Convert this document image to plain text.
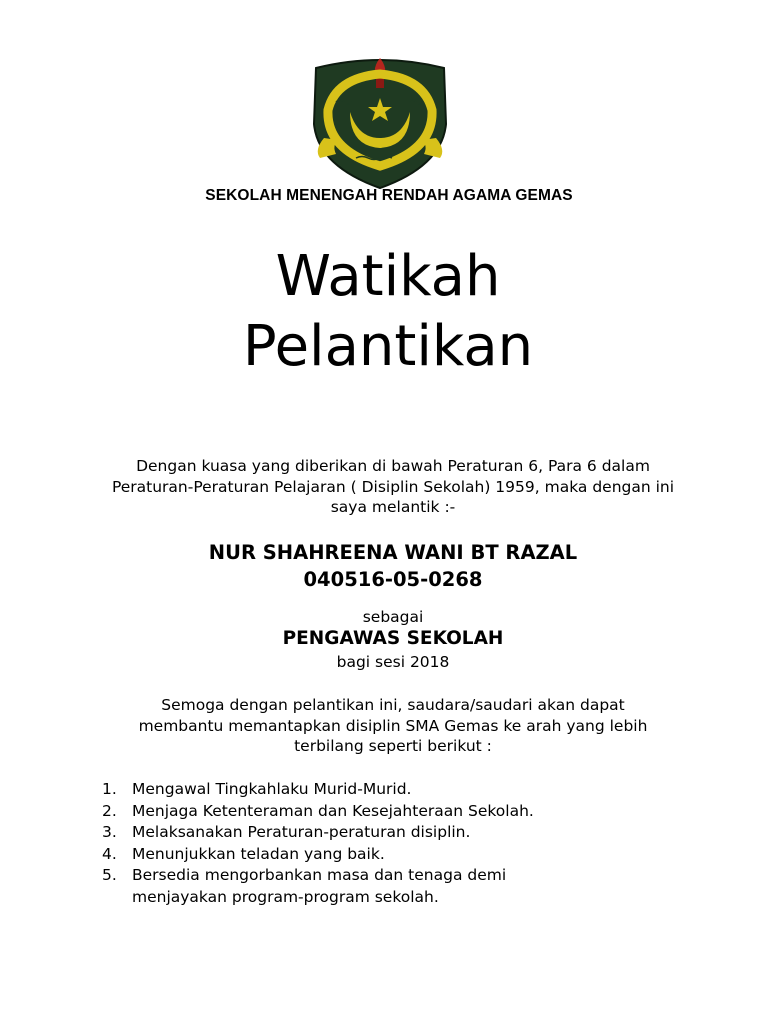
SEKOLAH MENENGAH RENDAH AGAMA GEMAS
Watikah
Pelantikan

Dengan kuasa yang diberikan di bawah Peraturan 6, Para 6 dalam Peraturan-Peraturan Pelajaran ( Disiplin Sekolah) 1959, maka dengan ini saya melantik :-

NUR SHAHREENA WANI BT RAZAL
040516-05-0268
sebagai
PENGAWAS SEKOLAH
bagi sesi 2018

Semoga dengan pelantikan ini, saudara/saudari akan dapat membantu memantapkan disiplin SMA Gemas ke arah yang lebih terbilang seperti berikut :

1. Mengawal Tingkahlaku Murid-Murid.
2. Menjaga Ketenteraman dan Kesejahteraan Sekolah.
3. Melaksanakan Peraturan-peraturan disiplin.
4. Menunjukkan teladan yang baik.
5. Bersedia mengorbankan masa dan tenaga demi menjayakan program-program sekolah.
